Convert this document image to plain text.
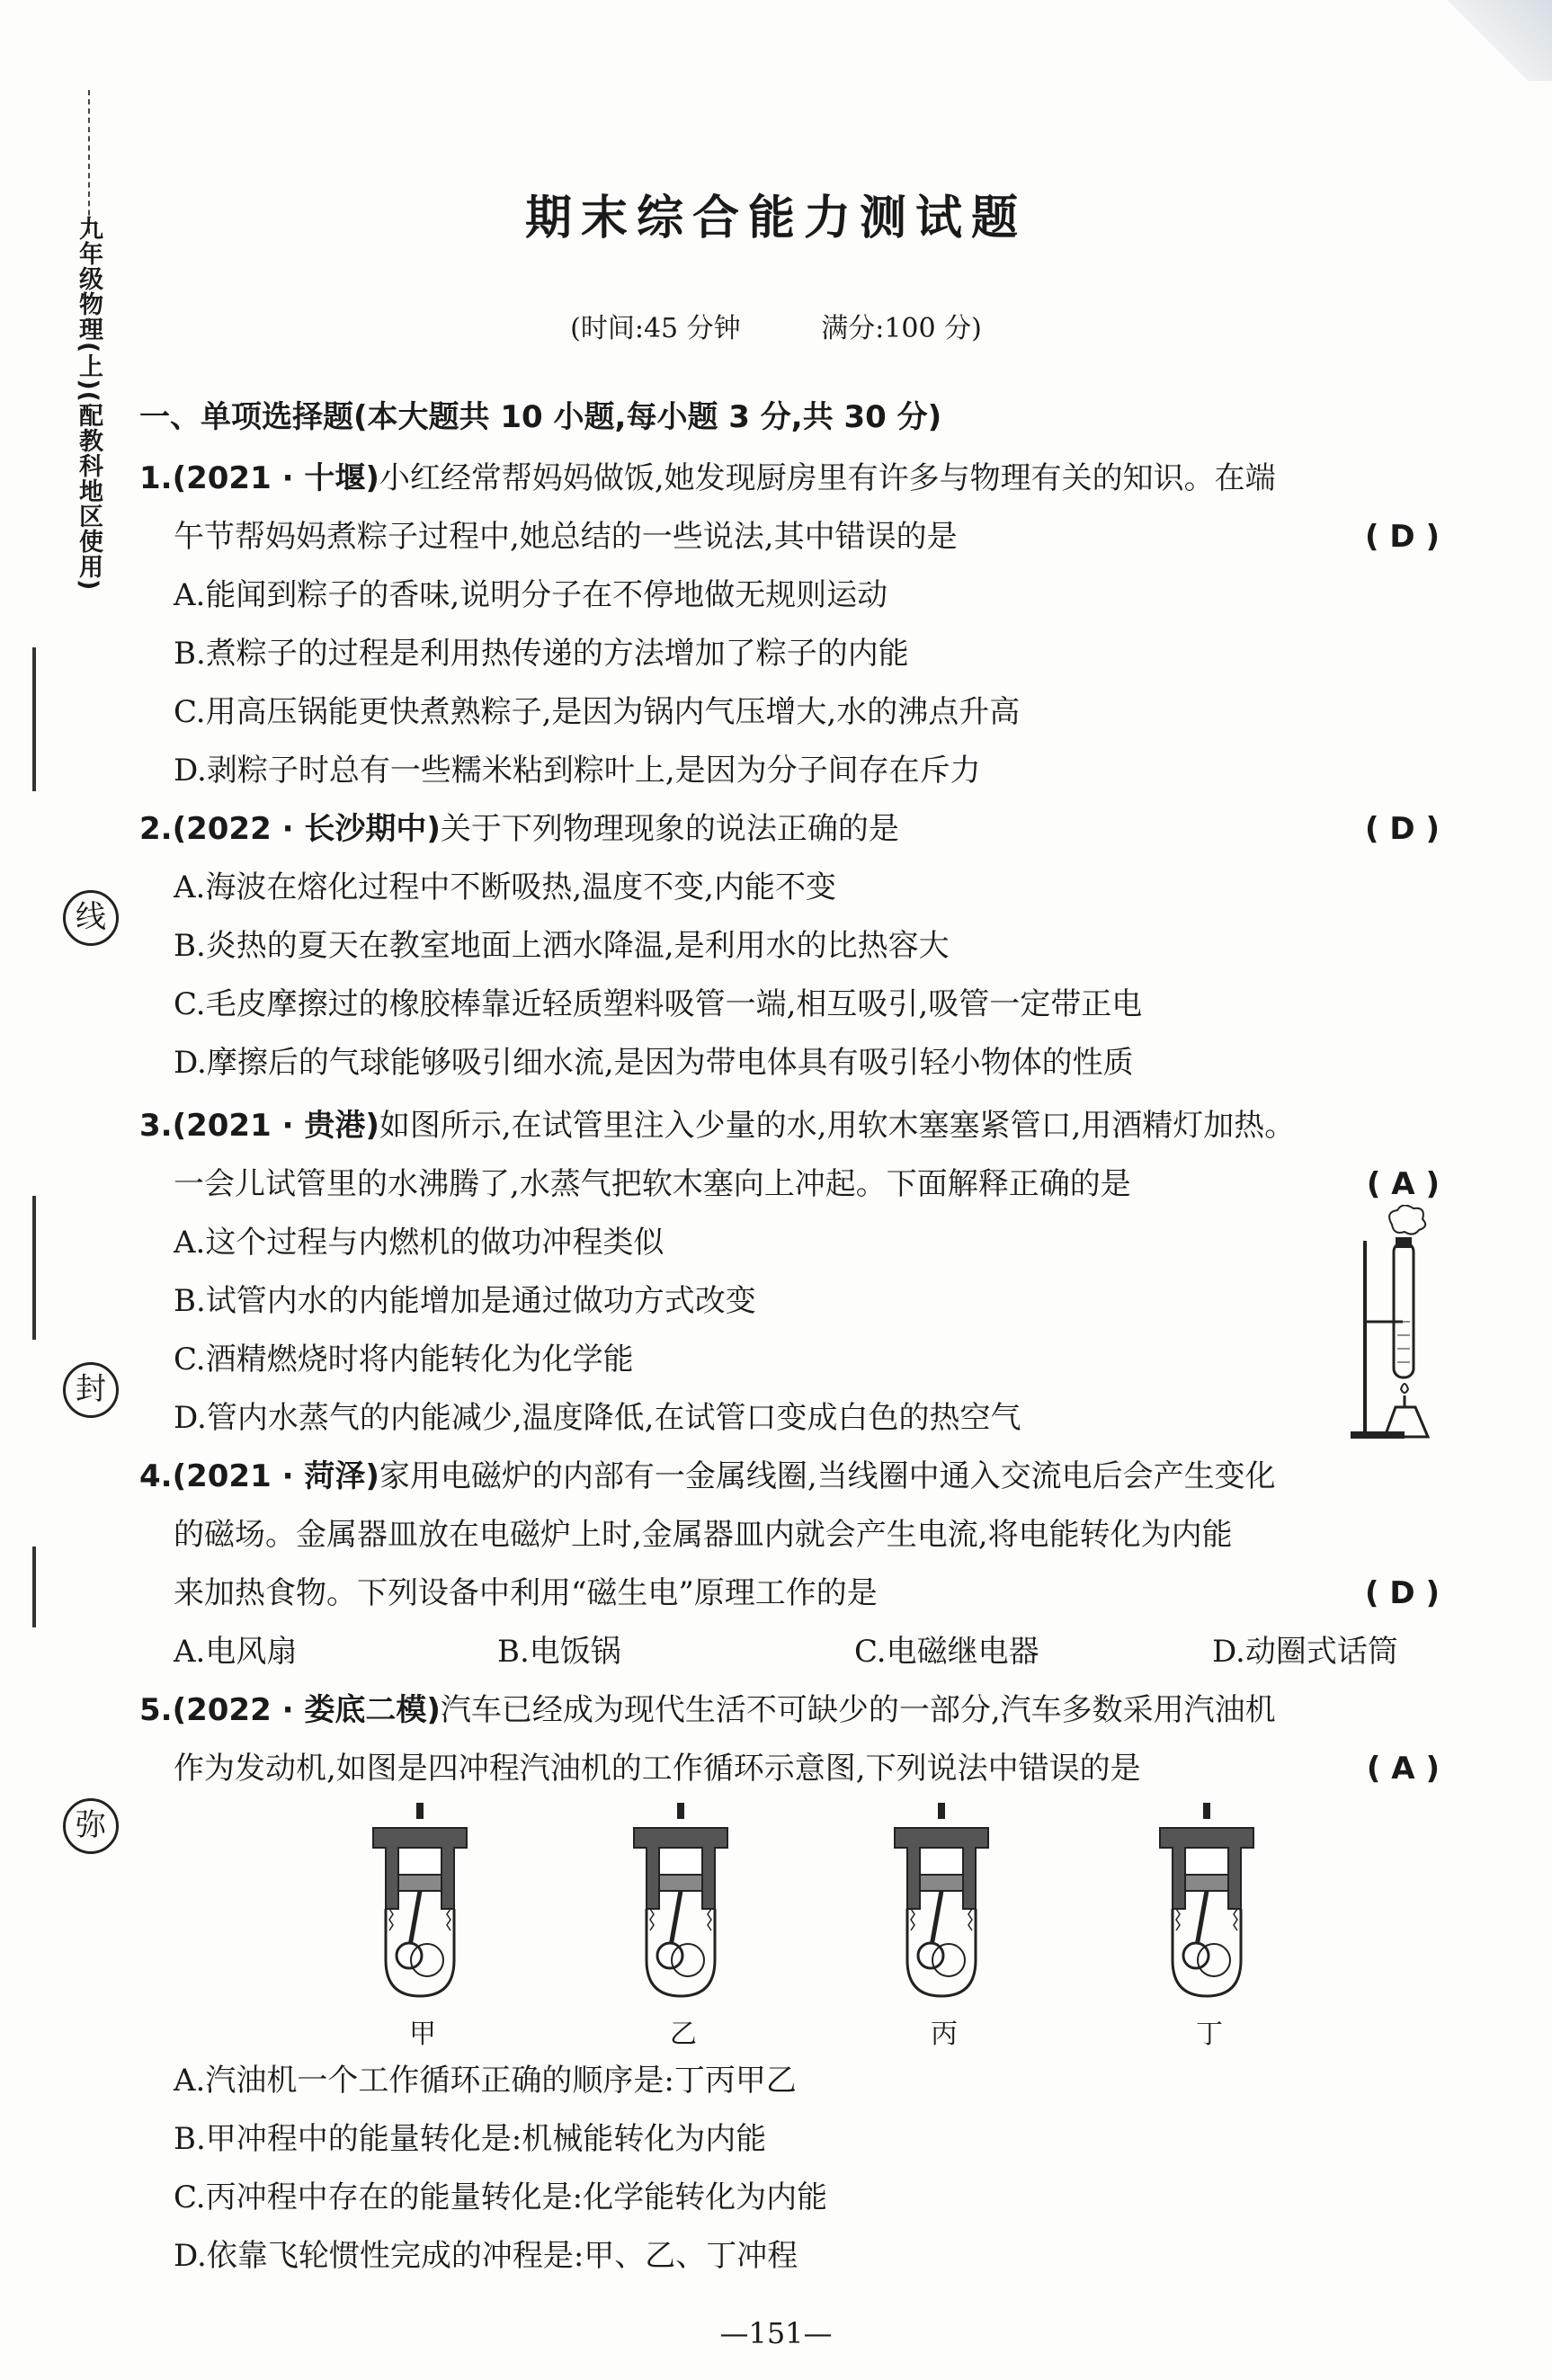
九年级物理(上)(配教科地区使用)
线
封
弥
期末综合能力测试题
(时间:45 分钟	满分:100 分)
一、单项选择题(本大题共 10 小题,每小题 3 分,共 30 分)
1.(2021 · 十堰)小红经常帮妈妈做饭,她发现厨房里有许多与物理有关的知识。在端
午节帮妈妈煮粽子过程中,她总结的一些说法,其中错误的是	( D )
A.能闻到粽子的香味,说明分子在不停地做无规则运动
B.煮粽子的过程是利用热传递的方法增加了粽子的内能
C.用高压锅能更快煮熟粽子,是因为锅内气压增大,水的沸点升高
D.剥粽子时总有一些糯米粘到粽叶上,是因为分子间存在斥力
2.(2022 · 长沙期中)关于下列物理现象的说法正确的是	( D )
A.海波在熔化过程中不断吸热,温度不变,内能不变
B.炎热的夏天在教室地面上洒水降温,是利用水的比热容大
C.毛皮摩擦过的橡胶棒靠近轻质塑料吸管一端,相互吸引,吸管一定带正电
D.摩擦后的气球能够吸引细水流,是因为带电体具有吸引轻小物体的性质
3.(2021 · 贵港)如图所示,在试管里注入少量的水,用软木塞塞紧管口,用酒精灯加热。
一会儿试管里的水沸腾了,水蒸气把软木塞向上冲起。下面解释正确的是	( A )
A.这个过程与内燃机的做功冲程类似
B.试管内水的内能增加是通过做功方式改变
C.酒精燃烧时将内能转化为化学能
D.管内水蒸气的内能减少,温度降低,在试管口变成白色的热空气
4.(2021 · 菏泽)家用电磁炉的内部有一金属线圈,当线圈中通入交流电后会产生变化
的磁场。金属器皿放在电磁炉上时,金属器皿内就会产生电流,将电能转化为内能
来加热食物。下列设备中利用“磁生电”原理工作的是	( D )
A.电风扇	B.电饭锅	C.电磁继电器	D.动圈式话筒
5.(2022 · 娄底二模)汽车已经成为现代生活不可缺少的一部分,汽车多数采用汽油机
作为发动机,如图是四冲程汽油机的工作循环示意图,下列说法中错误的是	( A )
甲	乙	丙	丁
A.汽油机一个工作循环正确的顺序是:丁丙甲乙
B.甲冲程中的能量转化是:机械能转化为内能
C.丙冲程中存在的能量转化是:化学能转化为内能
D.依靠飞轮惯性完成的冲程是:甲、乙、丁冲程
—151—
